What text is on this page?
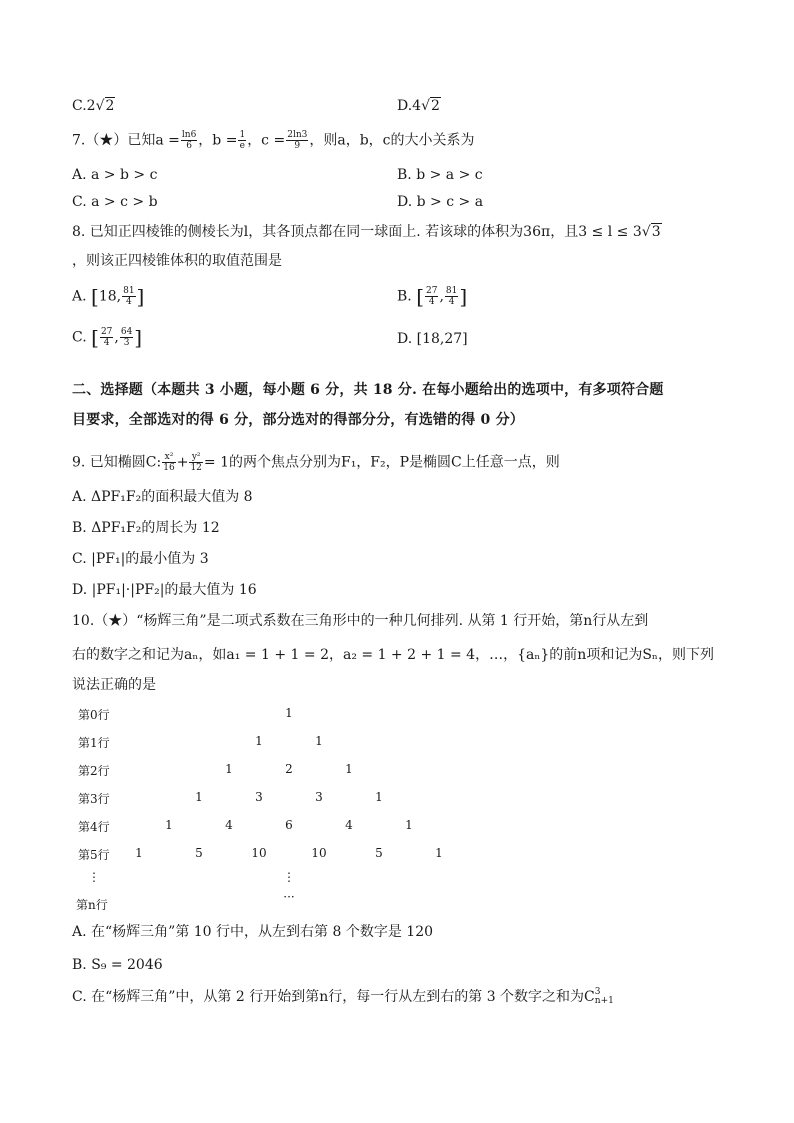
C.2√2	D.4√2
7.（★）已知$a = \frac{\ln 6}{6}$ ，$b = \frac{1}{e}$ ，$c = \frac{2\ln 3}{9}$ ，则a，b，c的大小关系为
A. a > b > c	B. b > a > c
C. a > c > b	D. b > c > a
8. 已知正四棱锥的侧棱长为l，其各顶点都在同一球面上. 若该球的体积为36π，且3 ≤ l ≤ 3√3
，则该正四棱锥体积的取值范围是
A. [18, $\frac{81}{4}$ ]	B. [ $\frac{27}{4}$ , $\frac{81}{4}$ ]
C. [ $\frac{27}{4}$ , $\frac{64}{3}$ ]	D. [18,27]
二、选择题（本题共 3 小题，每小题 6 分，共 18 分. 在每小题给出的选项中，有多项符合题
目要求，全部选对的得 6 分，部分选对的得部分分，有选错的得 0 分）
9. 已知椭圆C: $\frac{\text{x²}}{16} + \frac{\text{y²}}{12} = 1$的两个焦点分别为F₁，F₂，P是椭圆C上任意一点，则
A. ΔPF₁F₂的面积最大值为 8
B. ΔPF₁F₂的周长为 12
C. |PF₁|的最小值为 3
D. |PF₁|·|PF₂|的最大值为 16
10.（★）“杨辉三角”是二项式系数在三角形中的一种几何排列. 从第 1 行开始，第n行从左到
右的数字之和记为aₙ，如a₁ = 1 + 1 = 2，a₂ = 1 + 2 + 1 = 4，…，{aₙ}的前n项和记为Sₙ，则下列
说法正确的是
第0行	1
第1行	1	1
第2行	1	2	1
第3行	1	3	3	1
第4行	1	4	6	4	1
第5行	1	5	10	10	5	1
⋮	⋮
第n行
···
A. 在“杨辉三角”第 10 行中，从左到右第 8 个数字是 120
B. S₉ = 2046
C. 在“杨辉三角”中，从第 2 行开始到第n行，每一行从左到右的第 3 个数字之和为C 3
n+1
